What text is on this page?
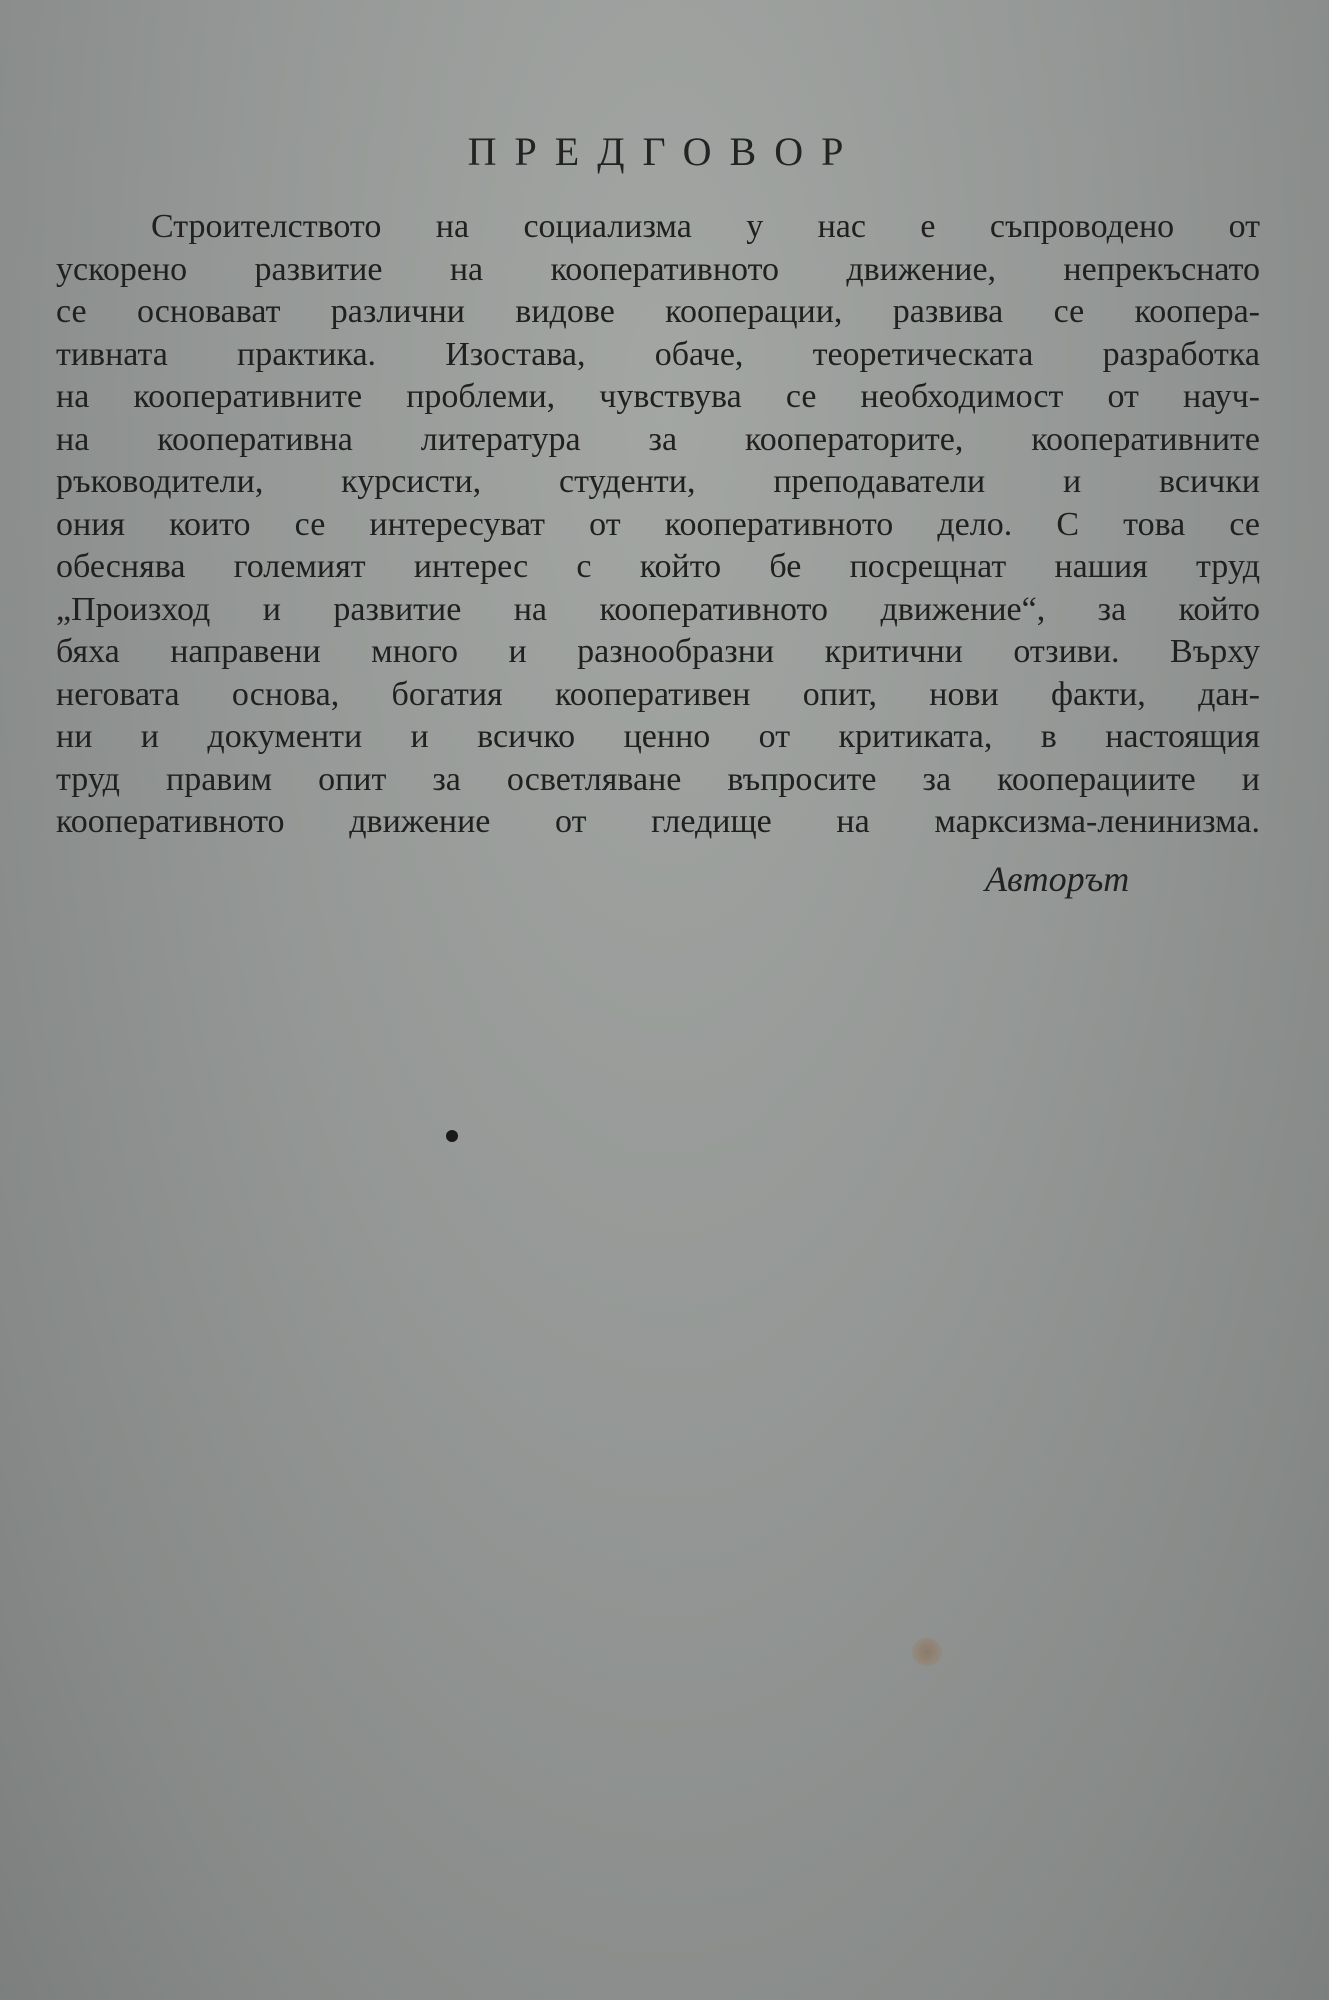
ПРЕДГОВОР
Строителството на социализма у нас е съпроводено от
ускорено развитие на кооперативното движение, непрекъснато
се основават различни видове кооперации, развива се коопера-
тивната практика. Изостава, обаче, теоретическата разработка
на кооперативните проблеми, чувствува се необходимост от науч-
на кооперативна литература за кооператорите, кооперативните
ръководители, курсисти, студенти, преподаватели и всички
ония които се интересуват от кооперативното дело. С това се
обеснява големият интерес с който бе посрещнат нашия труд
„Произход и развитие на кооперативното движение“, за който
бяха направени много и разнообразни критични отзиви. Върху
неговата основа, богатия кооперативен опит, нови факти, дан-
ни и документи и всичко ценно от критиката, в настоящия
труд правим опит за осветляване въпросите за кооперациите и
кооперативното движение от гледище на марксизма-ленинизма.
Авторът
